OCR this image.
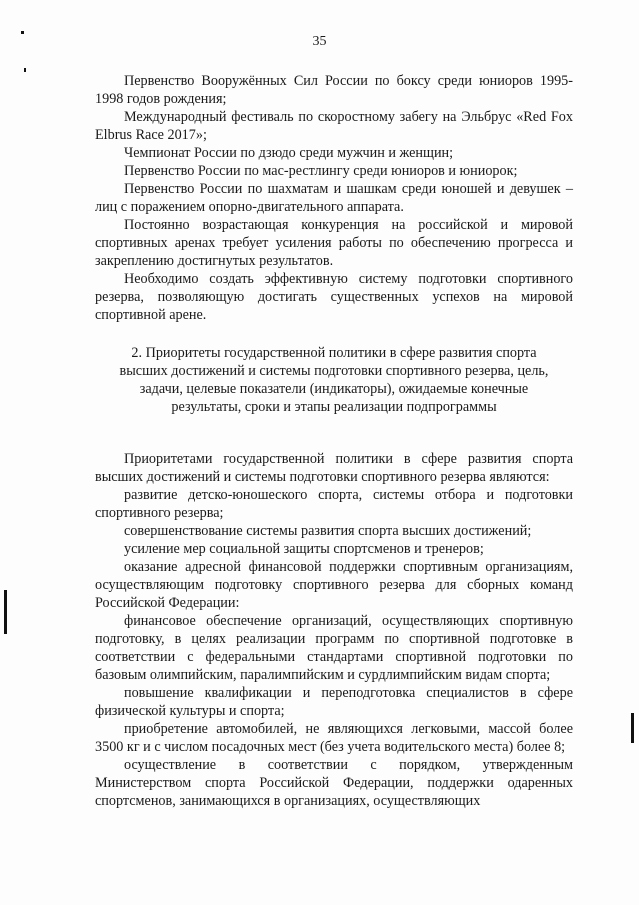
35

Первенство Вооружённых Сил России по боксу среди юниоров 1995-1998 годов рождения;

Международный фестиваль по скоростному забегу на Эльбрус «Red Fox Elbrus Race 2017»;

Чемпионат России по дзюдо среди мужчин и женщин;

Первенство России по мас-рестлингу среди юниоров и юниорок;

Первенство России по шахматам и шашкам среди юношей и девушек – лиц с поражением опорно-двигательного аппарата.

Постоянно возрастающая конкуренция на российской и мировой спортивных аренах требует усиления работы по обеспечению прогресса и закреплению достигнутых результатов.

Необходимо создать эффективную систему подготовки спортивного резерва, позволяющую достигать существенных успехов на мировой спортивной арене.

2. Приоритеты государственной политики в сфере развития спорта
высших достижений и системы подготовки спортивного резерва, цель,
задачи, целевые показатели (индикаторы), ожидаемые конечные
результаты, сроки и этапы реализации подпрограммы

Приоритетами государственной политики в сфере развития спорта высших достижений и системы подготовки спортивного резерва являются:

развитие детско-юношеского спорта, системы отбора и подготовки спортивного резерва;

совершенствование системы развития спорта высших достижений;

усиление мер социальной защиты спортсменов и тренеров;

оказание адресной финансовой поддержки спортивным организациям, осуществляющим подготовку спортивного резерва для сборных команд Российской Федерации:

финансовое обеспечение организаций, осуществляющих спортивную подготовку, в целях реализации программ по спортивной подготовке в соответствии с федеральными стандартами спортивной подготовки по базовым олимпийским, паралимпийским и сурдлимпийским видам спорта;

повышение квалификации и переподготовка специалистов в сфере физической культуры и спорта;

приобретение автомобилей, не являющихся легковыми, массой более 3500 кг и с числом посадочных мест (без учета водительского места) более 8;

осуществление в соответствии с порядком, утвержденным Министерством спорта Российской Федерации, поддержки одаренных спортсменов, занимающихся в организациях, осуществляющих
